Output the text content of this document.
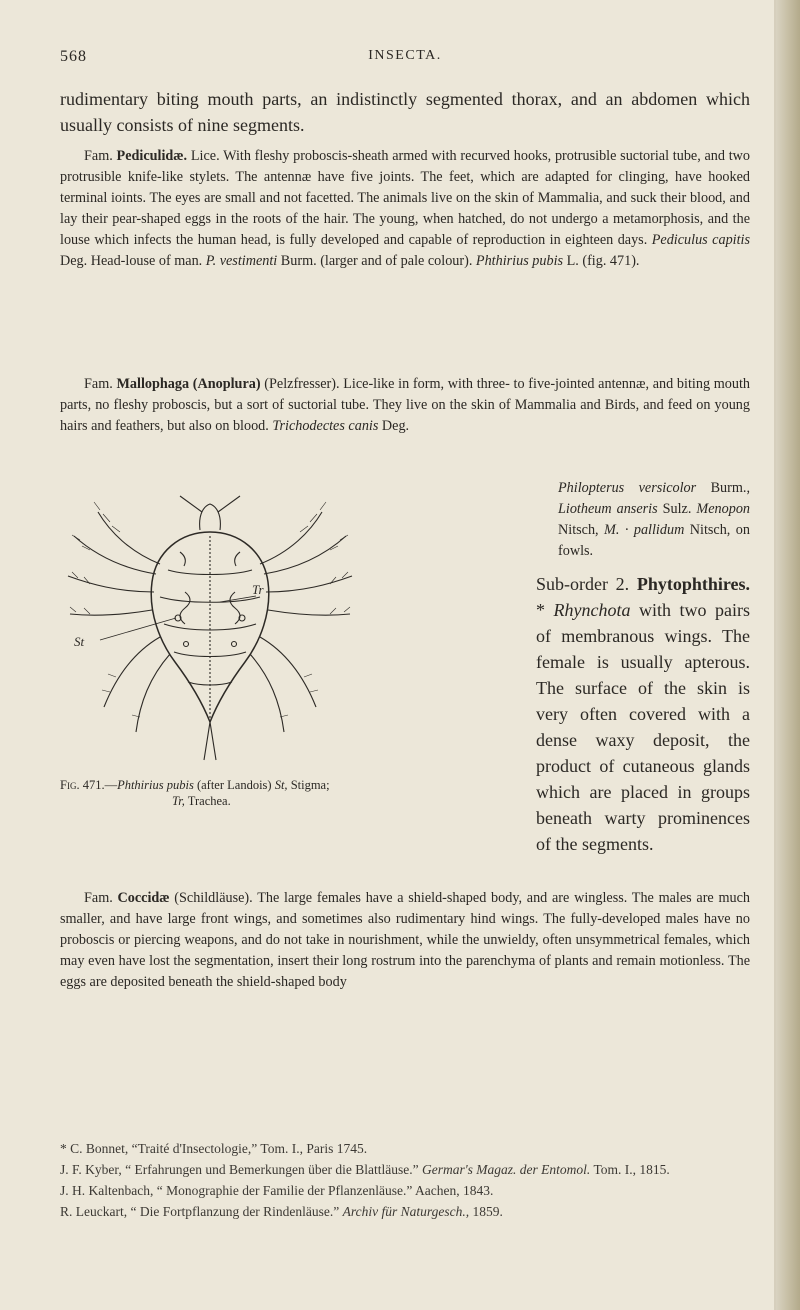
568	INSECTA.

rudimentary biting mouth parts, an indistinctly segmented thorax, and an abdomen which usually consists of nine segments.

Fam. Pediculidæ. Lice. With fleshy proboscis-sheath armed with recurved hooks, protrusible suctorial tube, and two protrusible knife-like stylets. The antennæ have five joints. The feet, which are adapted for clinging, have hooked terminal ioints. The eyes are small and not facetted. The animals live on the skin of Mammalia, and suck their blood, and lay their pear-shaped eggs in the roots of the hair. The young, when hatched, do not undergo a metamorphosis, and the louse which infects the human head, is fully developed and capable of reproduction in eighteen days. Pediculus capitis Deg. Head-louse of man. P. vestimenti Burm. (larger and of pale colour). Phthirius pubis L. (fig. 471).

Fam. Mallophaga (Anoplura) (Pelzfresser). Lice-like in form, with three- to five-jointed antennæ, and biting mouth parts, no fleshy proboscis, but a sort of suctorial tube. They live on the skin of Mammalia and Birds, and feed on young hairs and feathers, but also on blood. Trichodectes canis Deg.

Philopterus versicolor Burm., Liotheum anseris Sulz. Menopon Nitsch, M. · pallidum Nitsch, on fowls.
St
Tr	Sub-order 2. Phytophthires. * Rhynchota with two pairs of membranous wings. The female is usually apterous. The surface of the skin is very often covered with a dense waxy deposit, the product of cutaneous glands which are placed in groups beneath warty prominences of the segments.
Fig. 471.—Phthirius pubis (after Landois) St, Stigma;
Tr, Trachea.

Fam. Coccidæ (Schildläuse). The large females have a shield-shaped body, and are wingless. The males are much smaller, and have large front wings, and sometimes also rudimentary hind wings. The fully-developed males have no proboscis or piercing weapons, and do not take in nourishment, while the unwieldy, often unsymmetrical females, which may even have lost the segmentation, insert their long rostrum into the parenchyma of plants and remain motionless. The eggs are deposited beneath the shield-shaped body

* C. Bonnet, “Traité d'Insectologie,” Tom. I., Paris 1745.

J. F. Kyber, “ Erfahrungen und Bemerkungen über die Blattläuse.” Germar's Magaz. der Entomol. Tom. I., 1815.

J. H. Kaltenbach, “ Monographie der Familie der Pflanzenläuse.” Aachen, 1843.

R. Leuckart, “ Die Fortpflanzung der Rindenläuse.” Archiv für Naturgesch., 1859.
